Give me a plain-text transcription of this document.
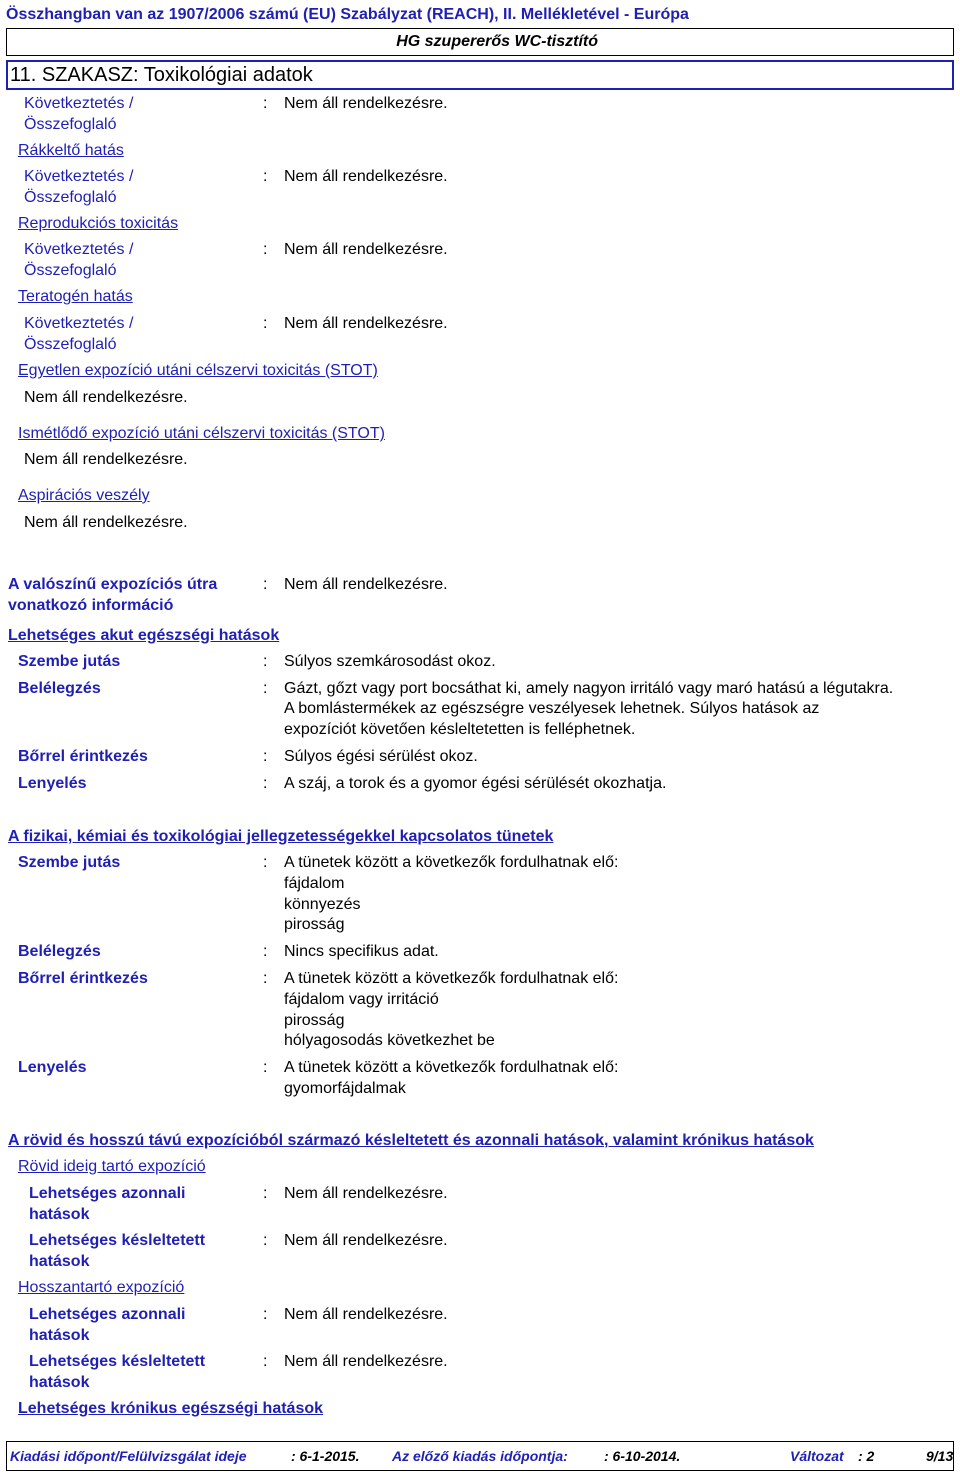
Összhangban van az 1907/2006 számú (EU) Szabályzat (REACH), II. Mellékletével - Európa
HG szupererős WC-tisztító
11. SZAKASZ: Toxikológiai adatok
Következtetés /
Összefoglaló
: Nem áll rendelkezésre.
Rákkeltő hatás
Következtetés /
Összefoglaló
: Nem áll rendelkezésre.
Reprodukciós toxicitás
Következtetés /
Összefoglaló
: Nem áll rendelkezésre.
Teratogén hatás
Következtetés /
Összefoglaló
: Nem áll rendelkezésre.
Egyetlen expozíció utáni célszervi toxicitás (STOT)
Nem áll rendelkezésre.
Ismétlődő expozíció utáni célszervi toxicitás (STOT)
Nem áll rendelkezésre.
Aspirációs veszély
Nem áll rendelkezésre.
A valószínű expozíciós útra
vonatkozó információ
: Nem áll rendelkezésre.
Lehetséges akut egészségi hatások
Szembe jutás	: Súlyos szemkárosodást okoz.
Belélegzés	: Gázt, gőzt vagy port bocsáthat ki, amely nagyon irritáló vagy maró hatású a légutakra.
A bomlástermékek az egészségre veszélyesek lehetnek. Súlyos hatások az
expozíciót követően késleltetetten is felléphetnek.
Bőrrel érintkezés	: Súlyos égési sérülést okoz.
Lenyelés	: A száj, a torok és a gyomor égési sérülését okozhatja.
A fizikai, kémiai és toxikológiai jellegzetességekkel kapcsolatos tünetek
Szembe jutás	: A tünetek között a következők fordulhatnak elő:
fájdalom
könnyezés
pirosság
Belélegzés	: Nincs specifikus adat.
Bőrrel érintkezés	: A tünetek között a következők fordulhatnak elő:
fájdalom vagy irritáció
pirosság
hólyagosodás következhet be
Lenyelés	: A tünetek között a következők fordulhatnak elő:
gyomorfájdalmak
A rövid és hosszú távú expozícióból származó késleltetett és azonnali hatások, valamint krónikus hatások
Rövid ideig tartó expozíció
Lehetséges azonnali
hatások
: Nem áll rendelkezésre.
Lehetséges késleltetett
hatások
: Nem áll rendelkezésre.
Hosszantartó expozíció
Lehetséges azonnali
hatások
: Nem áll rendelkezésre.
Lehetséges késleltetett
hatások
: Nem áll rendelkezésre.
Lehetséges krónikus egészségi hatások
Kiadási időpont/Felülvizsgálat ideje	: 6-1-2015. Az előző kiadás időpontja:	: 6-10-2014.	Változat : 2	9/13
